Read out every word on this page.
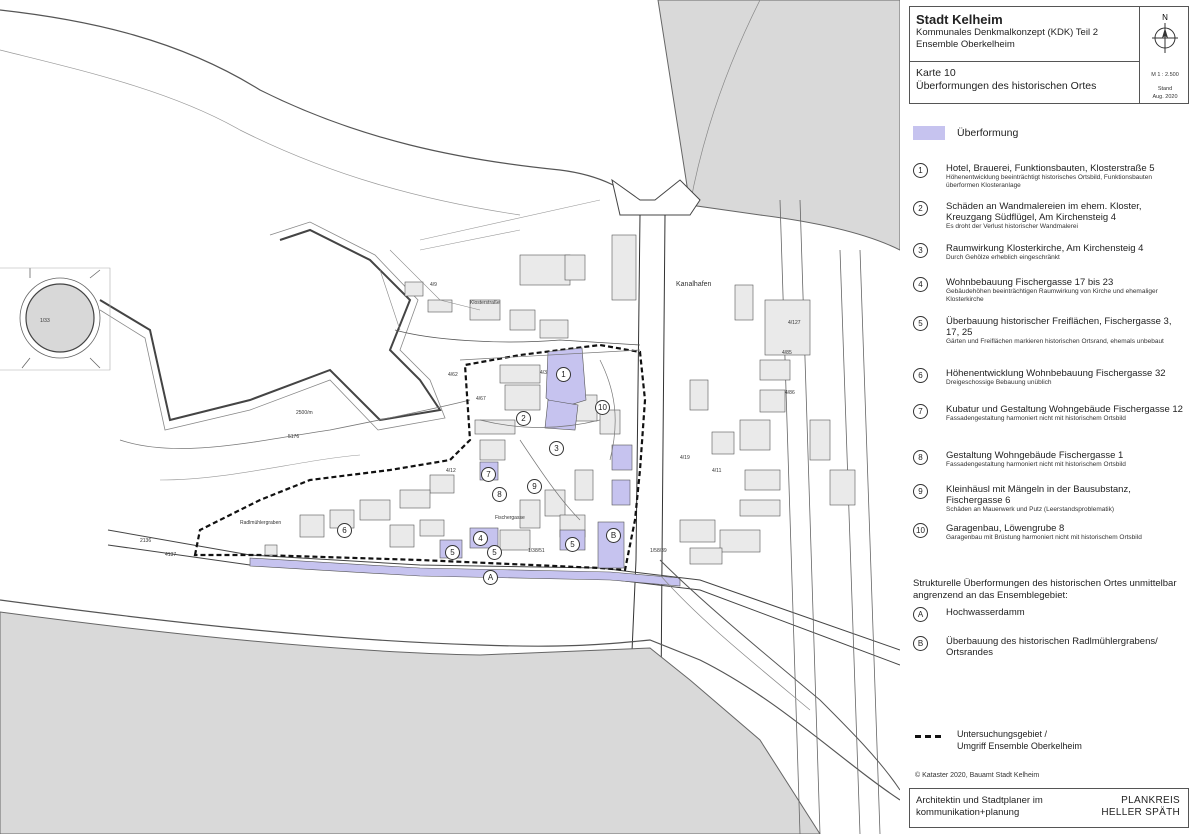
Kanalhafen
2136
4137
5176
4/67
4/62
4/9
4/85
4/19
4/3
4/12
1/33
2500/m
Radlmühlergraben
1/38/51	1/58/39
4/86
4/11
4/127
Fischergasse
Klosterstraße
1
2
3
4
5	5
5
6
7
8
9
10
A
B
Stadt Kelheim
Kommunales Denkmalkonzept (KDK) Teil 2
Ensemble Oberkelheim
Karte 10
Überformungen des historischen Ortes
N
M 1 : 2.500
Stand
Aug. 2020
Überformung
1	Hotel, Brauerei, Funktionsbauten, Klosterstraße 5
Höhenentwicklung beeinträchtigt historisches Ortsbild, Funktionsbauten überformen Klosteranlage
2	Schäden an Wandmalereien im ehem. Kloster, Kreuzgang Südflügel, Am Kirchensteig 4
Es droht der Verlust historischer Wandmalerei
3	Raumwirkung Klosterkirche, Am Kirchensteig 4
Durch Gehölze erheblich eingeschränkt
4	Wohnbebauung Fischergasse 17 bis 23
Gebäudehöhen beeinträchtigen Raumwirkung von Kirche und ehemaliger Klosterkirche
5	Überbauung historischer Freiflächen, Fischergasse 3, 17, 25
Gärten und Freiflächen markieren historischen Ortsrand, ehemals unbebaut
6	Höhenentwicklung Wohnbebauung Fischergasse 32
Dreigeschossige Bebauung unüblich
7	Kubatur und Gestaltung Wohngebäude Fischergasse 12
Fassadengestaltung harmoniert nicht mit historischem Ortsbild
8	Gestaltung Wohngebäude Fischergasse 1
Fassadengestaltung harmoniert nicht mit historischem Ortsbild
9	Kleinhäusl mit Mängeln in der Bausubstanz, Fischergasse 6
Schäden an Mauerwerk und Putz (Leerstandsproblematik)
10	Garagenbau, Löwengrube 8
Garagenbau mit Brüstung harmoniert nicht mit historischem Ortsbild
Strukturelle Überformungen des historischen Ortes unmittelbar angrenzend an das Ensemblegebiet:
A	Hochwasserdamm
B	Überbauung des historischen Radlmühlergrabens/ Ortsrandes
Untersuchungsgebiet /
Umgriff Ensemble Oberkelheim
© Kataster 2020, Bauamt Stadt Kelheim
Architektin und Stadtplaner im
kommunikation+planung
PLANKREIS
HELLER SPÄTH
